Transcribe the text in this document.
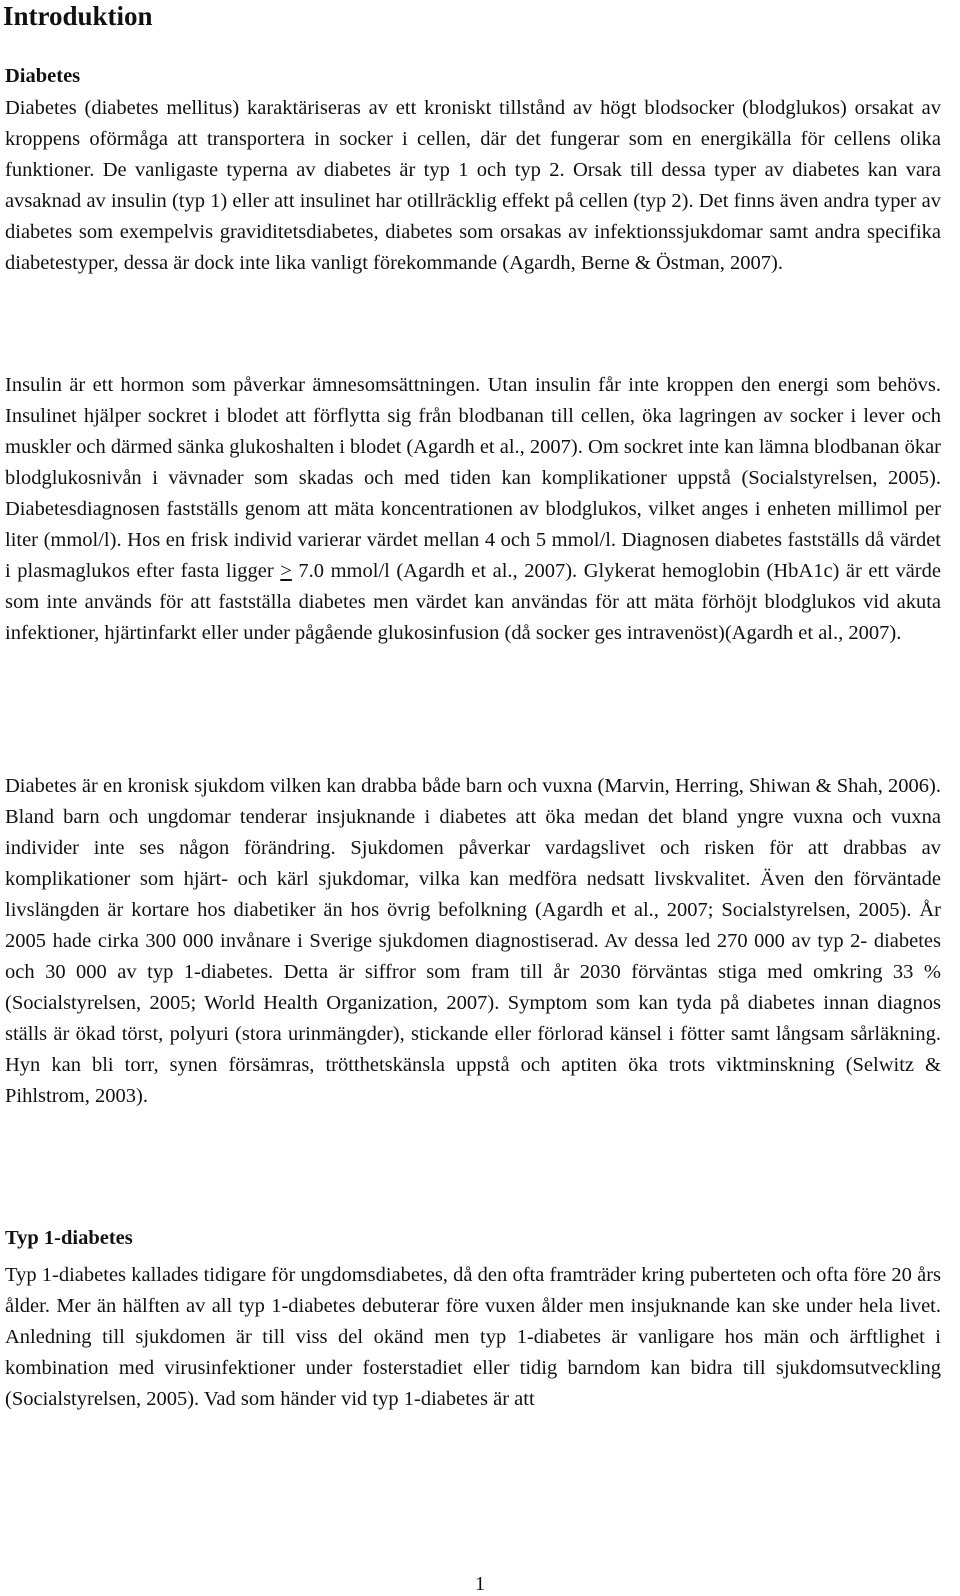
Introduktion
Diabetes

Diabetes (diabetes mellitus) karaktäriseras av ett kroniskt tillstånd av högt blodsocker (blodglukos) orsakat av kroppens oförmåga att transportera in socker i cellen, där det fungerar som en energikälla för cellens olika funktioner. De vanligaste typerna av diabetes är typ 1 och typ 2. Orsak till dessa typer av diabetes kan vara avsaknad av insulin (typ 1) eller att insulinet har otillräcklig effekt på cellen (typ 2). Det finns även andra typer av diabetes som exempelvis graviditetsdiabetes, diabetes som orsakas av infektionssjukdomar samt andra specifika diabetestyper, dessa är dock inte lika vanligt förekommande (Agardh, Berne & Östman, 2007).

Insulin är ett hormon som påverkar ämnesomsättningen. Utan insulin får inte kroppen den energi som behövs. Insulinet hjälper sockret i blodet att förflytta sig från blodbanan till cellen, öka lagringen av socker i lever och muskler och därmed sänka glukoshalten i blodet (Agardh et al., 2007). Om sockret inte kan lämna blodbanan ökar blodglukosnivån i vävnader som skadas och med tiden kan komplikationer uppstå (Socialstyrelsen, 2005). Diabetesdiagnosen fastställs genom att mäta koncentrationen av blodglukos, vilket anges i enheten millimol per liter (mmol/l). Hos en frisk individ varierar värdet mellan 4 och 5 mmol/l. Diagnosen diabetes fastställs då värdet i plasmaglukos efter fasta ligger ≥ 7.0 mmol/l (Agardh et al., 2007). Glykerat hemoglobin (HbA1c) är ett värde som inte används för att fastställa diabetes men värdet kan användas för att mäta förhöjt blodglukos vid akuta infektioner, hjärtinfarkt eller under pågående glukosinfusion (då socker ges intravenöst)(Agardh et al., 2007).

Diabetes är en kronisk sjukdom vilken kan drabba både barn och vuxna (Marvin, Herring, Shiwan & Shah, 2006). Bland barn och ungdomar tenderar insjuknande i diabetes att öka medan det bland yngre vuxna och vuxna individer inte ses någon förändring. Sjukdomen påverkar vardagslivet och risken för att drabbas av komplikationer som hjärt- och kärl sjukdomar, vilka kan medföra nedsatt livskvalitet. Även den förväntade livslängden är kortare hos diabetiker än hos övrig befolkning (Agardh et al., 2007; Socialstyrelsen, 2005). År 2005 hade cirka 300 000 invånare i Sverige sjukdomen diagnostiserad. Av dessa led 270 000 av typ 2- diabetes och 30 000 av typ 1-diabetes. Detta är siffror som fram till år 2030 förväntas stiga med omkring 33 % (Socialstyrelsen, 2005; World Health Organization, 2007). Symptom som kan tyda på diabetes innan diagnos ställs är ökad törst, polyuri (stora urinmängder), stickande eller förlorad känsel i fötter samt långsam sårläkning. Hyn kan bli torr, synen försämras, trötthetskänsla uppstå och aptiten öka trots viktminskning (Selwitz & Pihlstrom, 2003).

Typ 1-diabetes

Typ 1-diabetes kallades tidigare för ungdomsdiabetes, då den ofta framträder kring puberteten och ofta före 20 års ålder. Mer än hälften av all typ 1-diabetes debuterar före vuxen ålder men insjuknande kan ske under hela livet. Anledning till sjukdomen är till viss del okänd men typ 1-diabetes är vanligare hos män och ärftlighet i kombination med virusinfektioner under fosterstadiet eller tidig barndom kan bidra till sjukdomsutveckling (Socialstyrelsen, 2005). Vad som händer vid typ 1-diabetes är att

1
